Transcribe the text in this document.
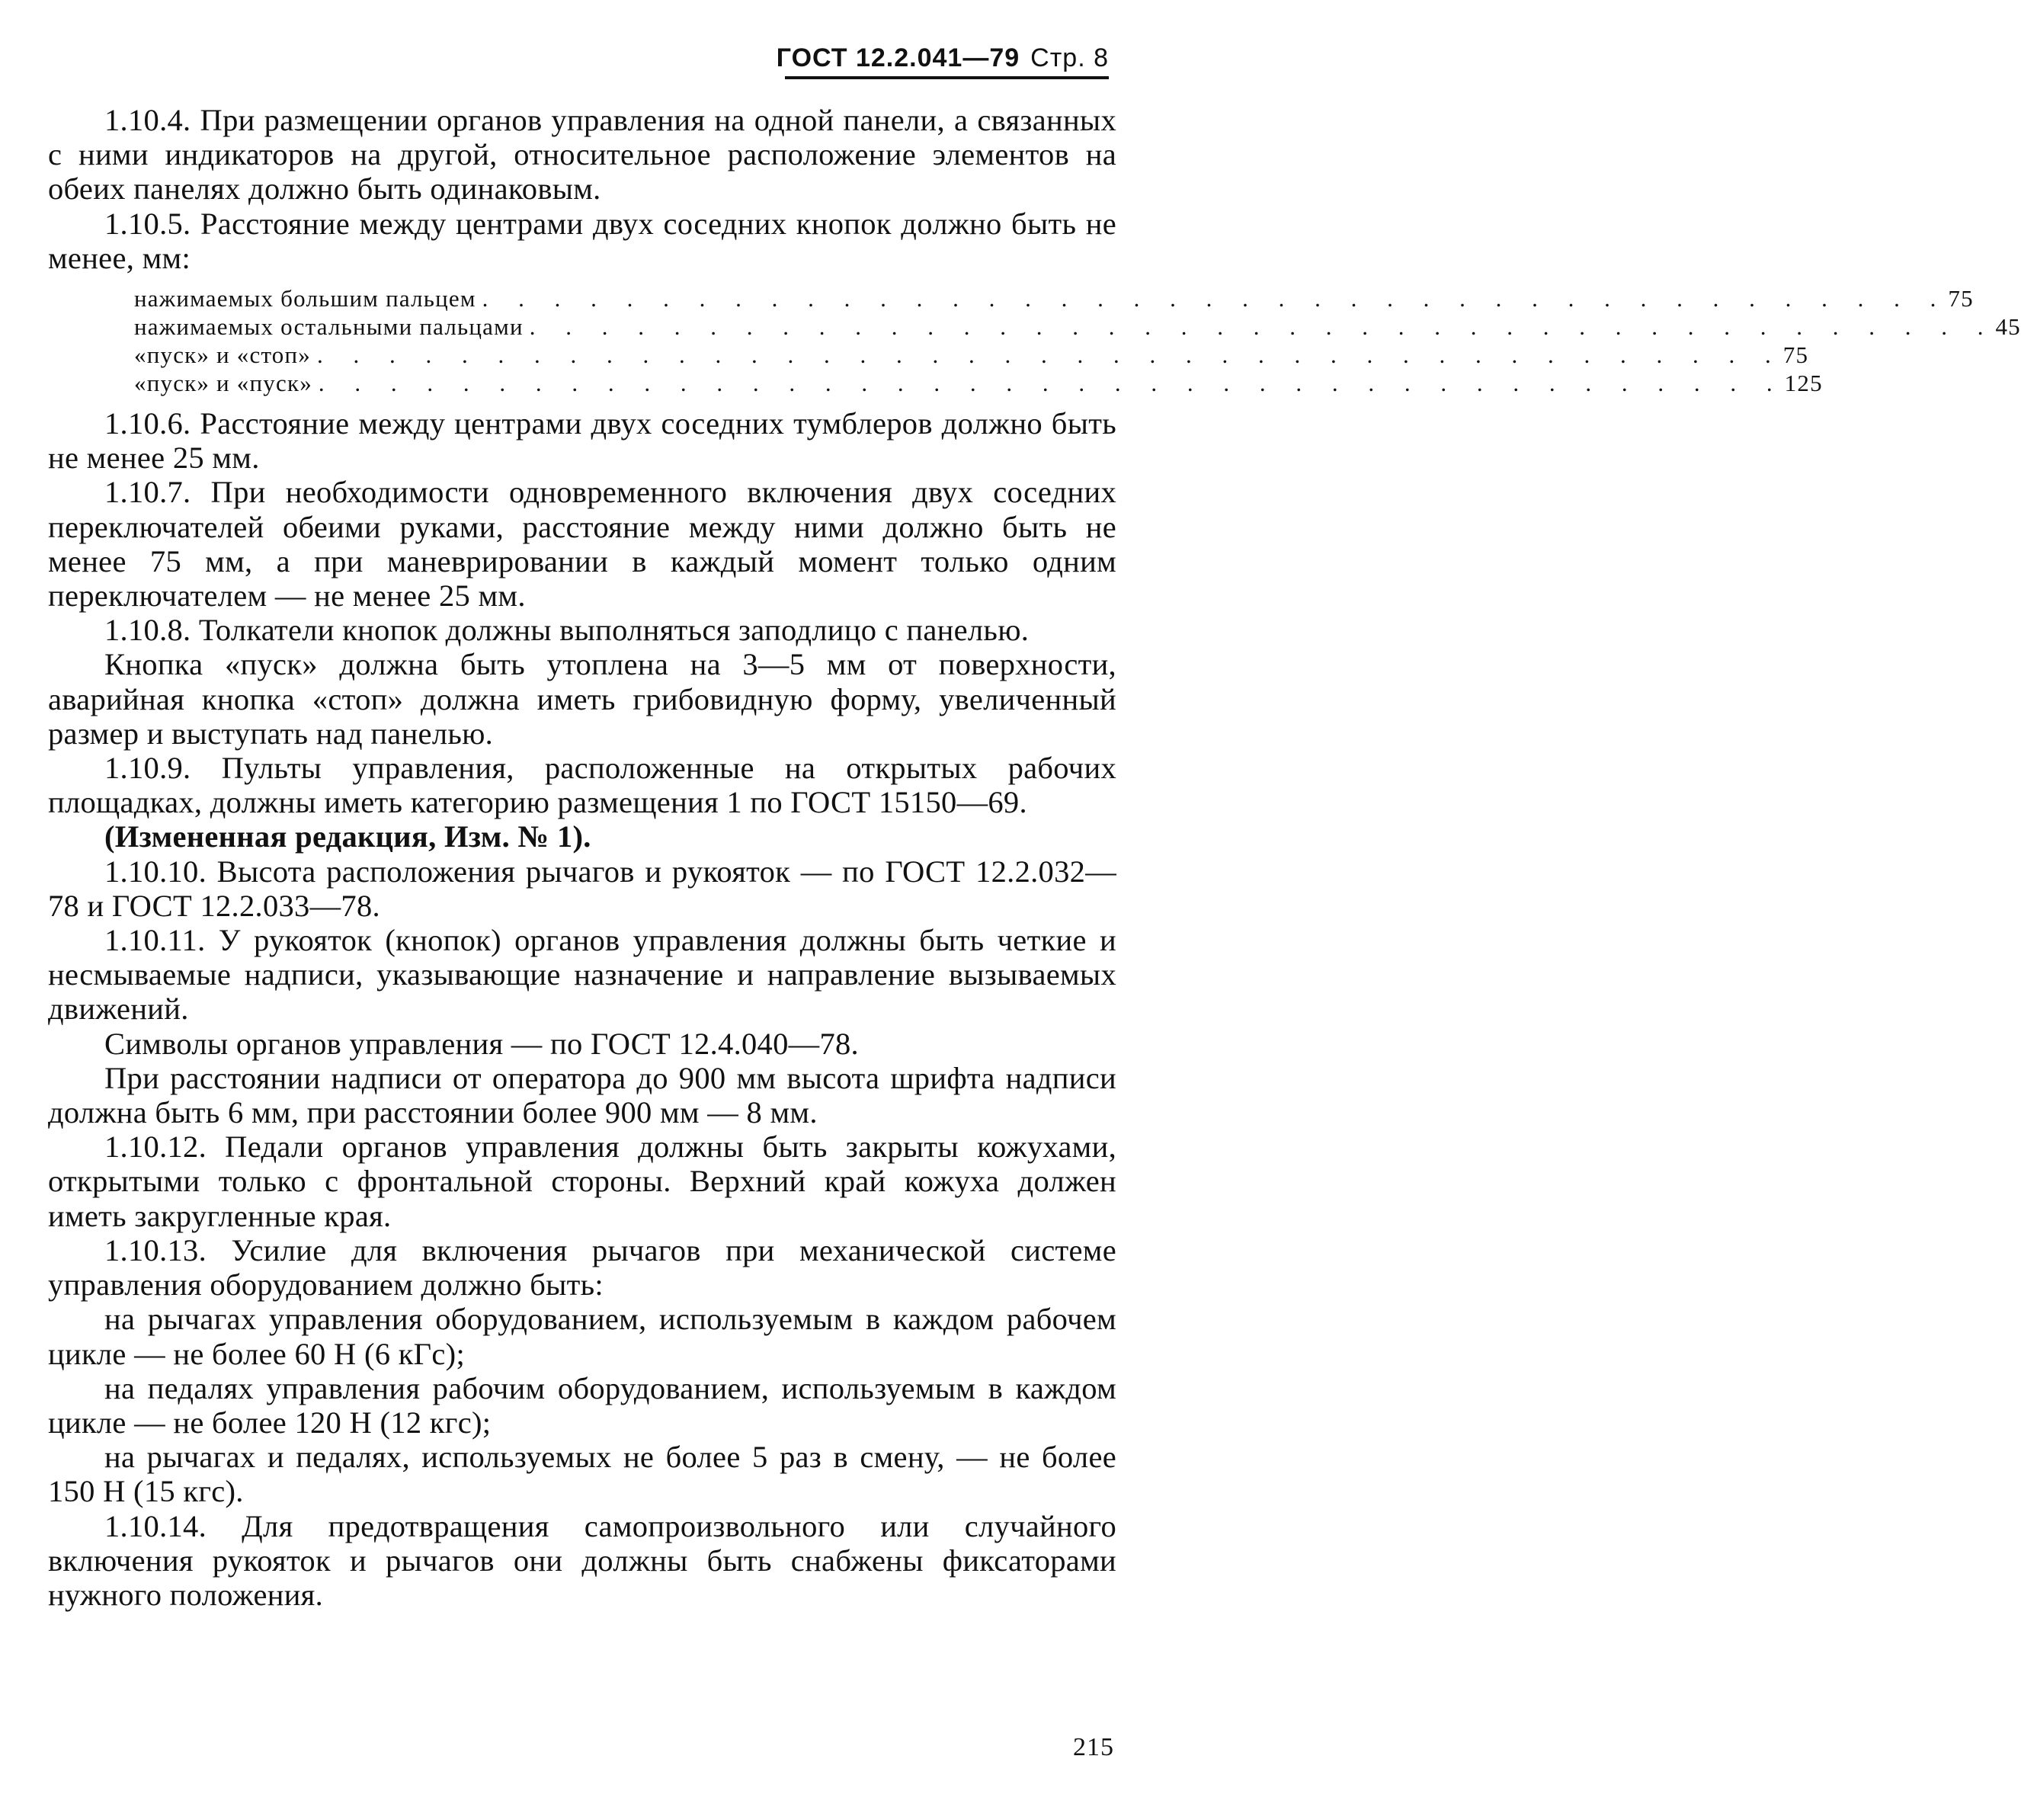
ГОСТ 12.2.041—79 Стр. 8

1.10.4. При размещении органов управления на одной панели, а связанных с ними индикаторов на другой, относительное расположение элементов на обеих панелях должно быть одинаковым.

1.10.5. Расстояние между центрами двух соседних кнопок должно быть не менее, мм:

нажимаемых большим пальцем . . . . . . . . . . . . . . . . . . . . . . . . . . . . . . . . . . . . . . . . . 75
нажимаемых остальными пальцами . . . . . . . . . . . . . . . . . . . . . . . . . . . . . . . . . . . . . . . . . 45
«пуск» и «стоп» . . . . . . . . . . . . . . . . . . . . . . . . . . . . . . . . . . . . . . . . . 75
«пуск» и «пуск» . . . . . . . . . . . . . . . . . . . . . . . . . . . . . . . . . . . . . . . . . 125

1.10.6. Расстояние между центрами двух соседних тумблеров должно быть не менее 25 мм.

1.10.7. При необходимости одновременного включения двух соседних переключателей обеими руками, расстояние между ними должно быть не менее 75 мм, а при маневрировании в каждый момент только одним переключателем — не менее 25 мм.

1.10.8. Толкатели кнопок должны выполняться заподлицо с панелью.

Кнопка «пуск» должна быть утоплена на 3—5 мм от поверхности, аварийная кнопка «стоп» должна иметь грибовидную форму, увеличенный размер и выступать над панелью.

1.10.9. Пульты управления, расположенные на открытых рабочих площадках, должны иметь категорию размещения 1 по ГОСТ 15150—69.

(Измененная редакция, Изм. № 1).

1.10.10. Высота расположения рычагов и рукояток — по ГОСТ 12.2.032—78 и ГОСТ 12.2.033—78.

1.10.11. У рукояток (кнопок) органов управления должны быть четкие и несмываемые надписи, указывающие назначение и направление вызываемых движений.

Символы органов управления — по ГОСТ 12.4.040—78.

При расстоянии надписи от оператора до 900 мм высота шрифта надписи должна быть 6 мм, при расстоянии более 900 мм — 8 мм.

1.10.12. Педали органов управления должны быть закрыты кожухами, открытыми только с фронтальной стороны. Верхний край кожуха должен иметь закругленные края.

1.10.13. Усилие для включения рычагов при механической системе управления оборудованием должно быть:

на рычагах управления оборудованием, используемым в каждом рабочем цикле — не более 60 Н (6 кГс);

на педалях управления рабочим оборудованием, используемым в каждом цикле — не более 120 Н (12 кгс);

на рычагах и педалях, используемых не более 5 раз в смену, — не более 150 Н (15 кгс).

1.10.14. Для предотвращения самопроизвольного или случайного включения рукояток и рычагов они должны быть снабжены фиксаторами нужного положения.

215
